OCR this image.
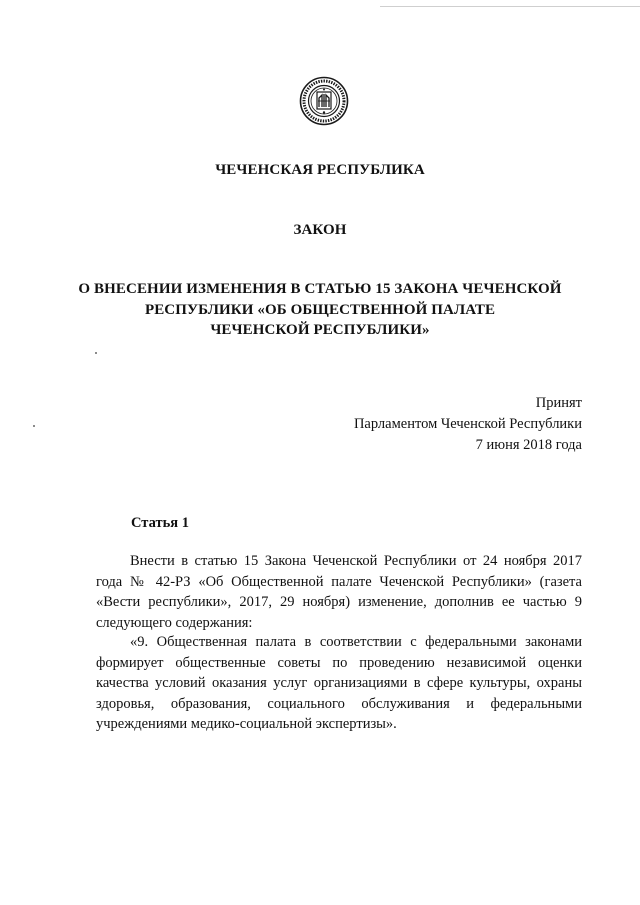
ЧЕЧЕНСКАЯ РЕСПУБЛИКА
ЗАКОН
О ВНЕСЕНИИ ИЗМЕНЕНИЯ В СТАТЬЮ 15 ЗАКОНА ЧЕЧЕНСКОЙ
РЕСПУБЛИКИ «ОБ ОБЩЕСТВЕННОЙ ПАЛАТЕ
ЧЕЧЕНСКОЙ РЕСПУБЛИКИ»
Принят
Парламентом Чеченской Республики
7 июня 2018 года
Статья 1
Внести в статью 15 Закона Чеченской Республики от 24 ноября 2017 года № 42-РЗ «Об Общественной палате Чеченской Республики» (газета «Вести республики», 2017, 29 ноября) изменение, дополнив ее частью 9 следующего содержания:
«9. Общественная палата в соответствии с федеральными законами формирует общественные советы по проведению независимой оценки качества условий оказания услуг организациями в сфере культуры, охраны здоровья, образования, социального обслуживания и федеральными учреждениями медико-социальной экспертизы».
